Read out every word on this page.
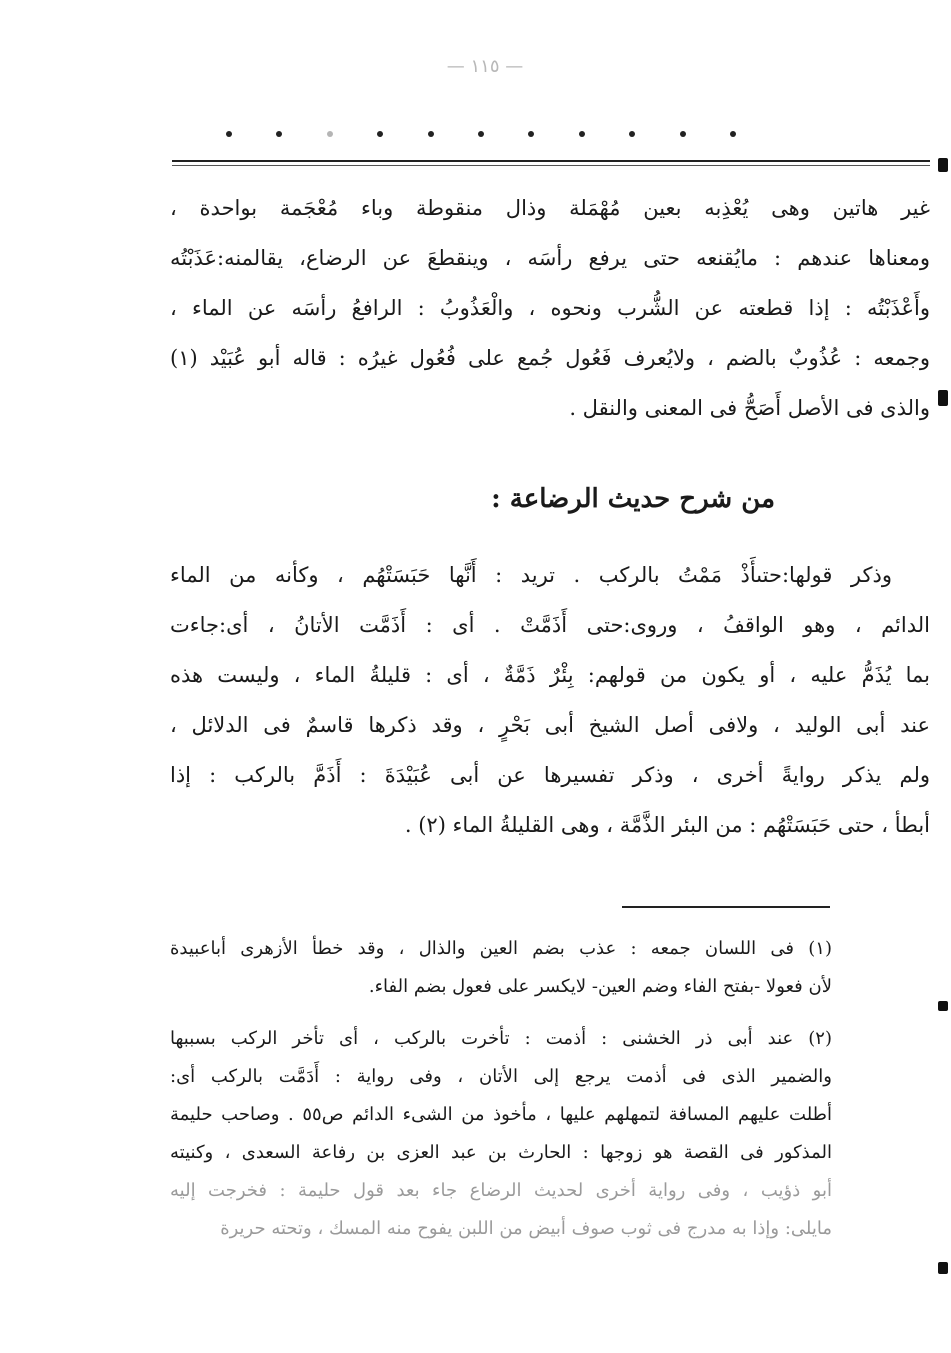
— ١١٥ —
غير هاتين وهى يُعْذِبه بعين مُهْمَلة وذال منقوطة وباء مُعْجَمة بواحدة ،
ومعناها عندهم : مايُقنعه حتى يرفع رأسَه ، وينقطعَ عن الرضاع، يقالمنه:عَذَبْتُه
وأَعْذَبْتُه : إذا قطعته عن الشُّرب ونحوه ، والْعَذُوبُ : الرافعُ رأسَه عن الماء ،
وجمعه : عُذُوبٌ بالضم ، ولايُعرف فَعُول جُمع على فُعُول غيرُه : قاله أبو عُبَيْد (١)
والذى فى الأصل أَصَحُّ فى المعنى والنقل .
من شرح حديث الرضاعة :
وذكر قولها:حتىأَذْ مَمْتُ بالركب . تريد : أَنَّها حَبَسَتْهُم ، وكأنه من الماء
الدائم ، وهو الواقفُ ، وروى:حتى أَذَمَّتْ . أى : أَذَمَّت الأتانُ ، أى:جاءت
بما يُذَمُّ عليه ، أو يكون من قولهم: بِئْرٌ ذَمَّةٌ ، أى : قليلةُ الماء ، وليست هذه
عند أبى الوليد ، ولافى أصل الشيخ أبى بَحْرٍ ، وقد ذكرها قاسمٌ فى الدلائل ،
ولم يذكر روايةً أخرى ، وذكر تفسيرها عن أبى عُبَيْدَةَ : أَذَمَّ بالركب : إذا
أبطأ ، حتى حَبَسَتْهُم : من البئر الذَّمَّة ، وهى القليلةُ الماء (٢) .
(١) فى اللسان جمعه : عذب بضم العين والذال ، وقد خطأ الأزهرى أباعبيدة
لأن فعولا -بفتح الفاء وضم العين- لايكسر على فعول بضم الفاء.
(٢) عند أبى ذر الخشنى : أذمت : تأخرت بالركب ، أى تأخر الركب بسببها
والضمير الذى فى أذمت يرجع إلى الأتان ، وفى رواية : أَدَمَّت بالركب أى:
أطلت عليهم المسافة لتمهلهم عليها ، مأخوذ من الشىء الدائم ص٥٥ . وصاحب حليمة
المذكور فى القصة هو زوجها : الحارث بن عبد العزى بن رفاعة السعدى ، وكنيته
أبو ذؤيب ، وفى رواية أخرى لحديث الرضاع جاء بعد قول حليمة : فخرجت إليه
مايلى: وإذا به مدرج فى ثوب صوف أبيض من اللبن يفوح منه المسك ، وتحته حريرة
